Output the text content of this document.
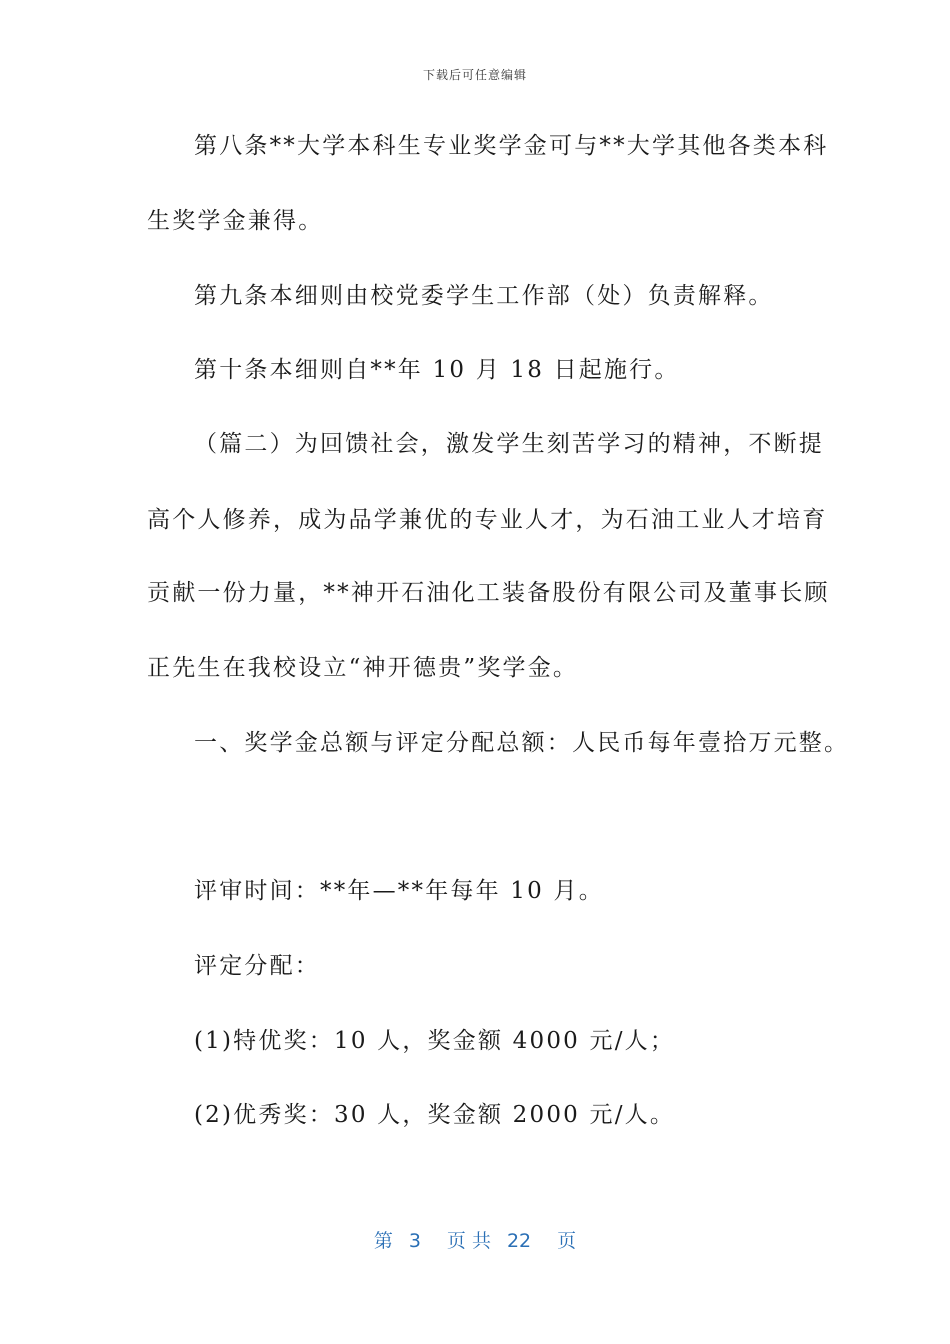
下载后可任意编辑
第八条**大学本科生专业奖学金可与**大学其他各类本科
生奖学金兼得。
第九条本细则由校党委学生工作部（处）负责解释。
第十条本细则自**年 10 月 18 日起施行。
（篇二）为回馈社会，激发学生刻苦学习的精神，不断提
高个人修养，成为品学兼优的专业人才，为石油工业人才培育
贡献一份力量，**神开石油化工装备股份有限公司及董事长顾
正先生在我校设立“神开德贵”奖学金。
一、奖学金总额与评定分配总额：人民币每年壹拾万元整。
评审时间：**年—**年每年 10 月。
评定分配：
(1)特优奖：10 人，奖金额 4000 元/人；
(2)优秀奖：30 人，奖金额 2000 元/人。
第 3 页 共 22 页
